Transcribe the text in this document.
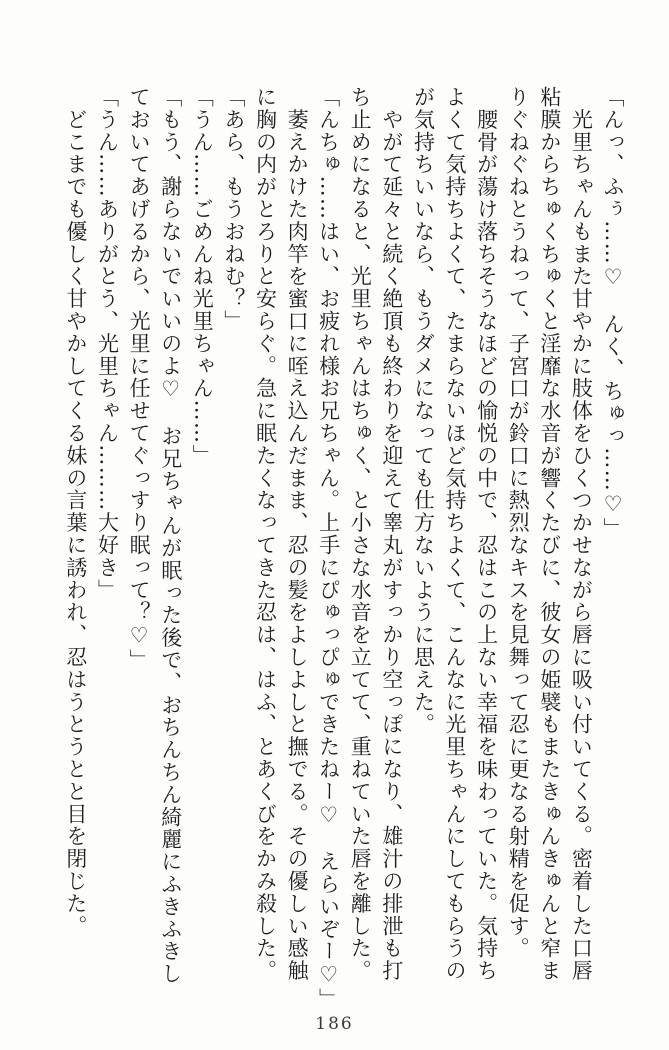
「んっ、ふぅ……♡　んく、ちゅっ……♡」

　光里ちゃんもまた甘やかに肢体をひくつかせながら唇に吸い付いてくる。密着した口唇

粘膜からちゅくちゅくと淫靡な水音が響くたびに、彼女の姫襞もまたきゅんきゅんと窄ま

りぐねぐねとうねって、子宮口が鈴口に熱烈なキスを見舞って忍に更なる射精を促す。

　腰骨が蕩け落ちそうなほどの愉悦の中で、忍はこの上ない幸福を味わっていた。気持ち

よくて気持ちよくて、たまらないほど気持ちよくて、こんなに光里ちゃんにしてもらうの

が気持ちいいなら、もうダメになっても仕方ないように思えた。

　やがて延々と続く絶頂も終わりを迎えて睾丸がすっかり空っぽになり、雄汁の排泄も打

ち止めになると、光里ちゃんはちゅく、と小さな水音を立てて、重ねていた唇を離した。

「んちゅ……はい、お疲れ様お兄ちゃん。上手にぴゅっぴゅできたねー♡　えらいぞー♡」

　萎えかけた肉竿を蜜口に咥え込んだまま、忍の髪をよしよしと撫でる。その優しい感触

に胸の内がとろりと安らぐ。急に眠たくなってきた忍は、はふ、とあくびをかみ殺した。

「あら、もうおねむ？」

「うん……ごめんね光里ちゃん……」

「もう、謝らないでいいのよ♡　お兄ちゃんが眠った後で、おちんちん綺麗にふきふきし

ておいてあげるから、光里に任せてぐっすり眠って？♡」

「うん……ありがとう、光里ちゃん………大好き」

　どこまでも優しく甘やかしてくる妹の言葉に誘われ、忍はうとうとと目を閉じた。

186
